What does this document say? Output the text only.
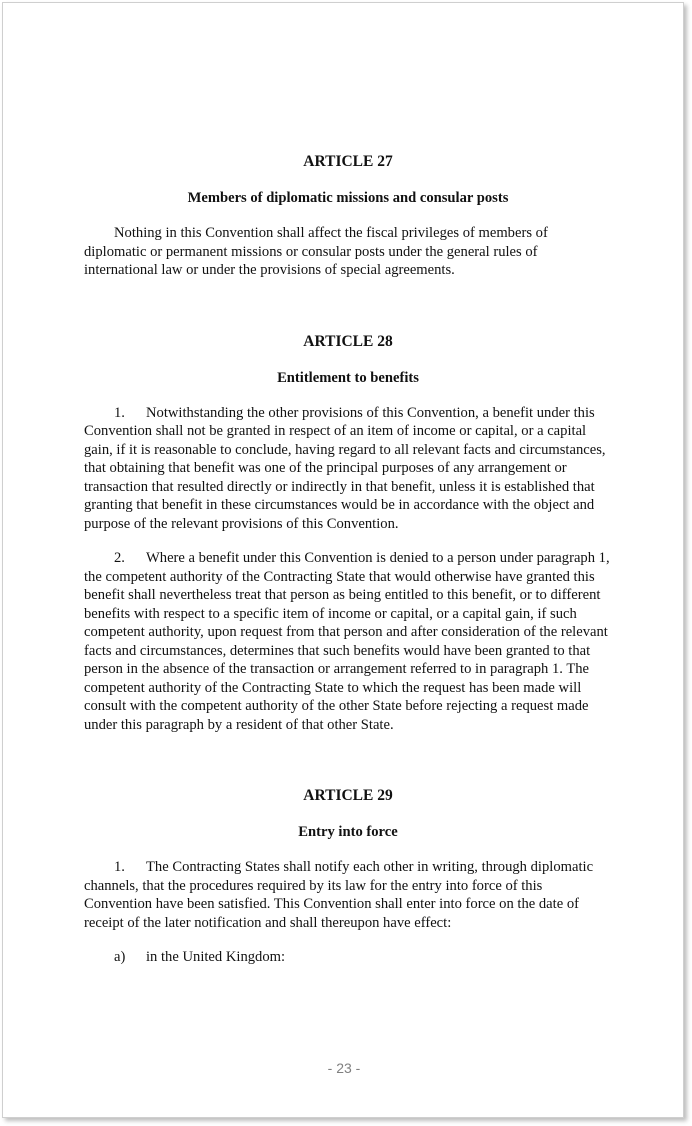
ARTICLE 27
Members of diplomatic missions and consular posts

Nothing in this Convention shall affect the fiscal privileges of members of diplomatic or permanent missions or consular posts under the general rules of international law or under the provisions of special agreements.

ARTICLE 28
Entitlement to benefits

1. Notwithstanding the other provisions of this Convention, a benefit under this Convention shall not be granted in respect of an item of income or capital, or a capital gain, if it is reasonable to conclude, having regard to all relevant facts and circumstances, that obtaining that benefit was one of the principal purposes of any arrangement or transaction that resulted directly or indirectly in that benefit, unless it is established that granting that benefit in these circumstances would be in accordance with the object and purpose of the relevant provisions of this Convention.

2. Where a benefit under this Convention is denied to a person under paragraph 1, the competent authority of the Contracting State that would otherwise have granted this benefit shall nevertheless treat that person as being entitled to this benefit, or to different benefits with respect to a specific item of income or capital, or a capital gain, if such competent authority, upon request from that person and after consideration of the relevant facts and circumstances, determines that such benefits would have been granted to that person in the absence of the transaction or arrangement referred to in paragraph 1. The competent authority of the Contracting State to which the request has been made will consult with the competent authority of the other State before rejecting a request made under this paragraph by a resident of that other State.

ARTICLE 29
Entry into force

1. The Contracting States shall notify each other in writing, through diplomatic channels, that the procedures required by its law for the entry into force of this Convention have been satisfied. This Convention shall enter into force on the date of receipt of the later notification and shall thereupon have effect:

a) in the United Kingdom:

- 23 -
